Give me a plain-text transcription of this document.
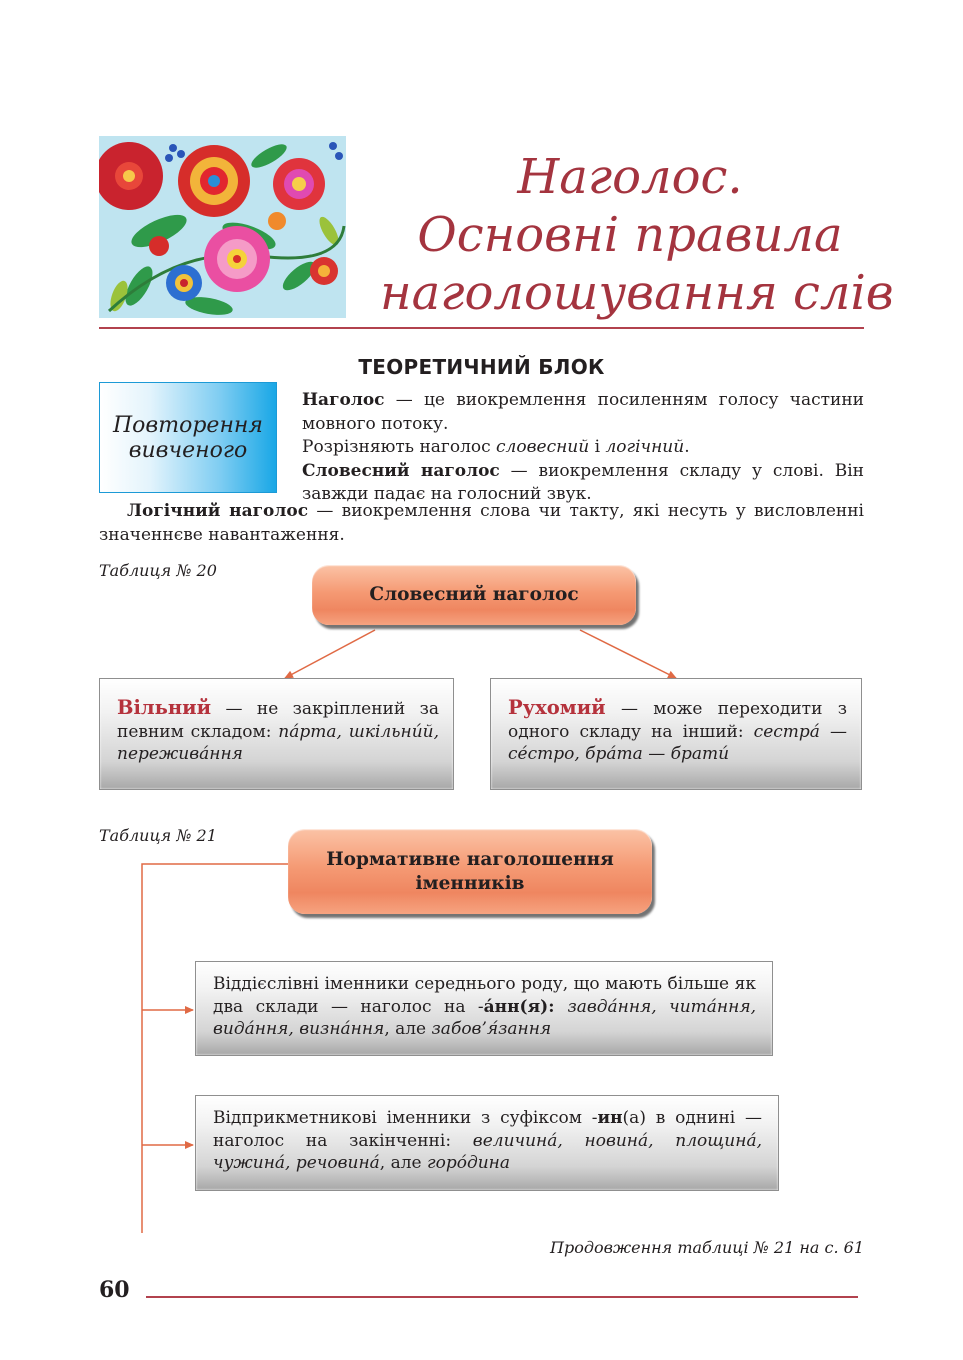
Наголос.
Основні правила
наголошування слів
ТЕОРЕТИЧНИЙ БЛОК
Повторення
вивченого

Наголос — це виокремлення посиленням голосу частини мовного потоку.

Розрізняють наголос словесний і логічний.

Словесний наголос — виокремлення складу у слові. Він завжди падає на голосний звук.

Логічний наголос — виокремлення слова чи такту, які несуть у висловленні значеннєве навантаження.

Таблиця № 20
Словесний наголос
Вільний — не закріплений за певним складом: па́рта, шкільни́й, пережива́ння
Рухомий — може переходити з одного складу на інший: сестра́ — се́стро, бра́та — брати́
Таблиця № 21
Нормативне наголошення іменників
Віддієслівні іменники середнього роду, що мають більше як два склади — наголос на -а́нн(я): завда́ння, чита́ння, вида́ння, визна́ння, але забов’я́зання
Відприкметникові іменники з суфіксом -ин(а) в однині — наголос на закінченні: величина́, новина́, площина́, чужина́, речовина́, але горо́дина
Продовження таблиці № 21 на с. 61
60
